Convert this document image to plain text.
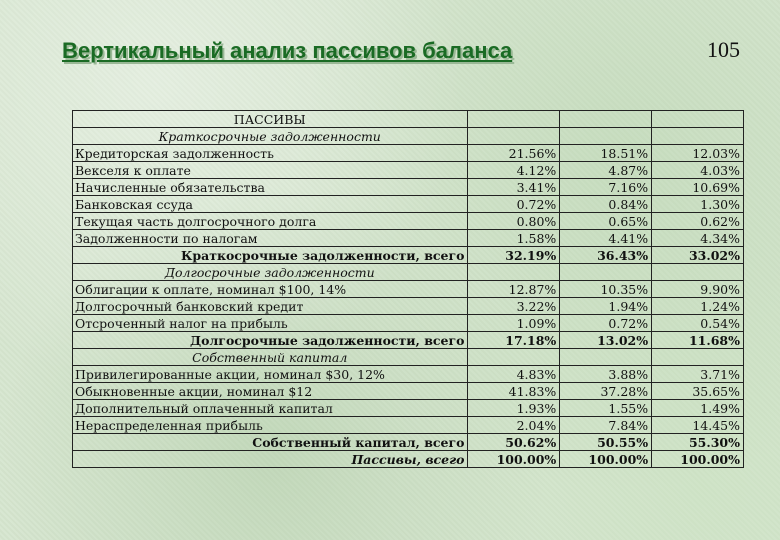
Вертикальный анализ пассивов баланса	105
ПАССИВЫ			
Краткосрочные задолженности			
Кредиторская задолженность	21.56%	18.51%	12.03%
Векселя к оплате	4.12%	4.87%	4.03%
Начисленные обязательства	3.41%	7.16%	10.69%
Банковская ссуда	0.72%	0.84%	1.30%
Текущая часть долгосрочного долга	0.80%	0.65%	0.62%
Задолженности по налогам	1.58%	4.41%	4.34%
Краткосрочные задолженности, всего	32.19%	36.43%	33.02%
Долгосрочные задолженности			
Облигации к оплате, номинал $100, 14%	12.87%	10.35%	9.90%
Долгосрочный банковский кредит	3.22%	1.94%	1.24%
Отсроченный налог на прибыль	1.09%	0.72%	0.54%
Долгосрочные задолженности, всего	17.18%	13.02%	11.68%
Собственный капитал			
Привилегированные акции, номинал $30, 12%	4.83%	3.88%	3.71%
Обыкновенные акции, номинал $12	41.83%	37.28%	35.65%
Дополнительный оплаченный капитал	1.93%	1.55%	1.49%
Нераспределенная прибыль	2.04%	7.84%	14.45%
Собственный капитал, всего	50.62%	50.55%	55.30%
Пассивы, всего	100.00%	100.00%	100.00%
